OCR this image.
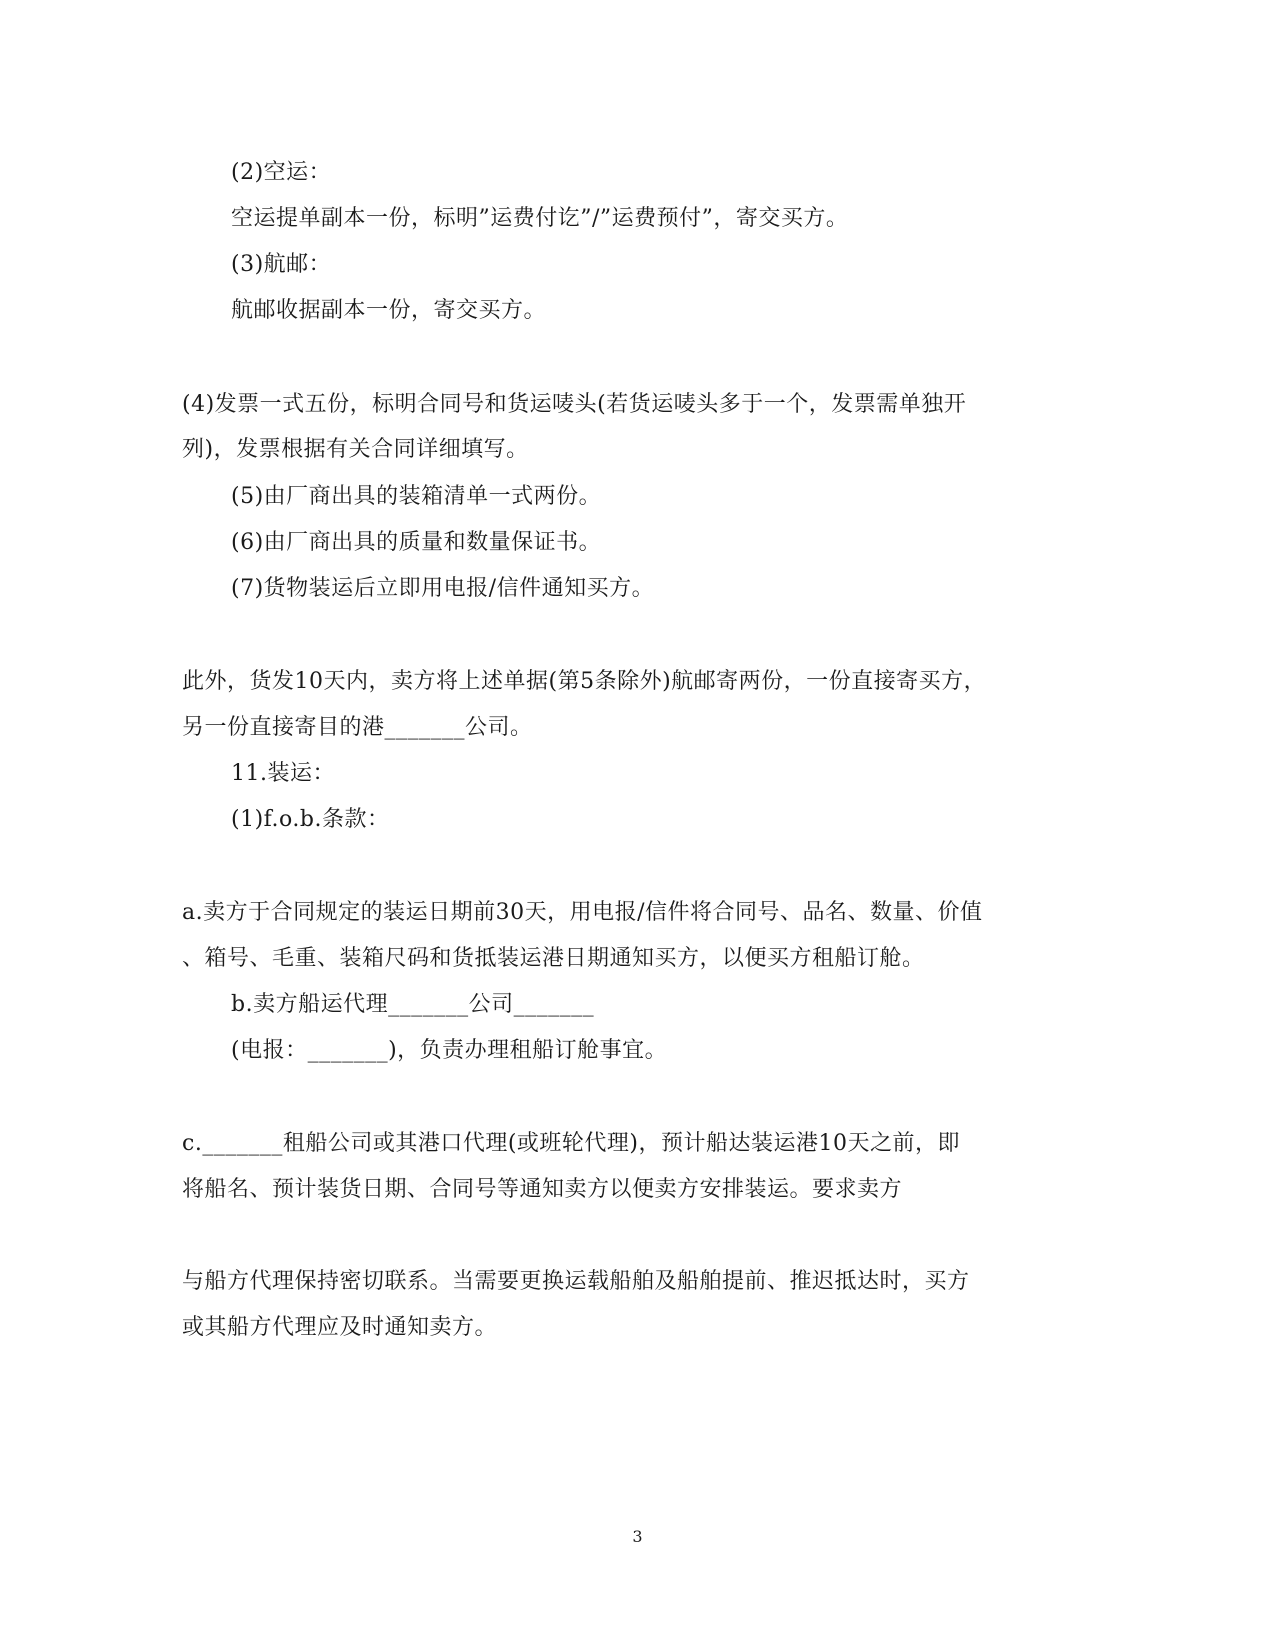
(2)空运：
空运提单副本一份，标明”运费付讫”/”运费预付”，寄交买方。
(3)航邮：
航邮收据副本一份，寄交买方。
(4)发票一式五份，标明合同号和货运唛头(若货运唛头多于一个，发票需单独开
列)，发票根据有关合同详细填写。
(5)由厂商出具的装箱清单一式两份。
(6)由厂商出具的质量和数量保证书。
(7)货物装运后立即用电报/信件通知买方。
此外，货发10天内，卖方将上述单据(第5条除外)航邮寄两份，一份直接寄买方，
另一份直接寄目的港_______公司。
11.装运：
(1)f.o.b.条款：
a.卖方于合同规定的装运日期前30天，用电报/信件将合同号、品名、数量、价值
、箱号、毛重、装箱尺码和货抵装运港日期通知买方，以便买方租船订舱。
b.卖方船运代理_______公司_______
(电报：_______)，负责办理租船订舱事宜。
c._______租船公司或其港口代理(或班轮代理)，预计船达装运港10天之前，即
将船名、预计装货日期、合同号等通知卖方以便卖方安排装运。要求卖方
与船方代理保持密切联系。当需要更换运载船舶及船舶提前、推迟抵达时，买方
或其船方代理应及时通知卖方。
3
